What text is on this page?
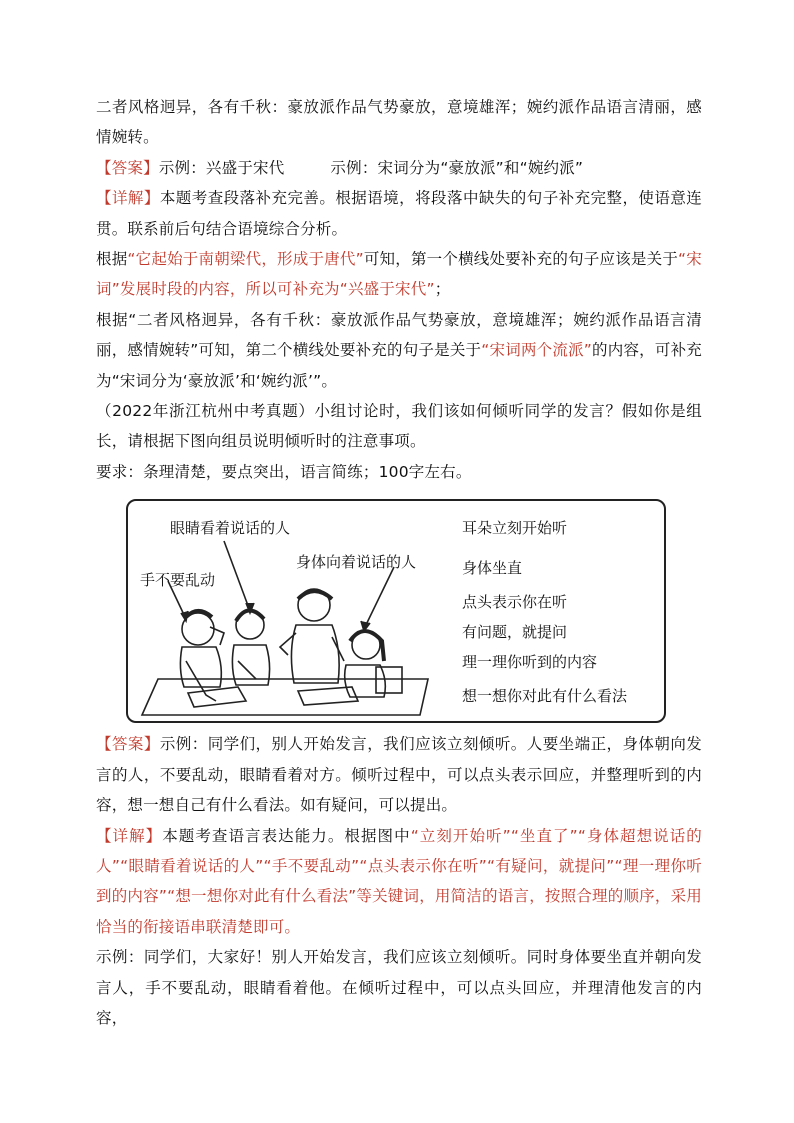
二者风格迥异，各有千秋：豪放派作品气势豪放，意境雄浑；婉约派作品语言清丽，感情婉转。

【答案】示例：兴盛于宋代	示例：宋词分为“豪放派”和“婉约派”

【详解】本题考查段落补充完善。根据语境，将段落中缺失的句子补充完整，使语意连贯。联系前后句结合语境综合分析。

根据“它起始于南朝梁代，形成于唐代”可知，第一个横线处要补充的句子应该是关于“宋词”发展时段的内容，所以可补充为“兴盛于宋代”；

根据“二者风格迥异，各有千秋：豪放派作品气势豪放，意境雄浑；婉约派作品语言清丽，感情婉转”可知，第二个横线处要补充的句子是关于“宋词两个流派”的内容，可补充为“宋词分为‘豪放派’和‘婉约派’”。

（2022年浙江杭州中考真题）小组讨论时，我们该如何倾听同学的发言？假如你是组长，请根据下图向组员说明倾听时的注意事项。

要求：条理清楚，要点突出，语言简练；100字左右。

眼睛看着说话的人
身体向着说话的人
手不要乱动
耳朵立刻开始听
身体坐直
点头表示你在听
有问题，就提问
理一理你听到的内容
想一想你对此有什么看法

【答案】示例：同学们，别人开始发言，我们应该立刻倾听。人要坐端正，身体朝向发言的人，不要乱动，眼睛看着对方。倾听过程中，可以点头表示回应，并整理听到的内容，想一想自己有什么看法。如有疑问，可以提出。

【详解】本题考查语言表达能力。根据图中“立刻开始听”“坐直了”“身体超想说话的人”“眼睛看着说话的人”“手不要乱动”“点头表示你在听”“有疑问，就提问”“理一理你听到的内容”“想一想你对此有什么看法”等关键词，用简洁的语言，按照合理的顺序，采用恰当的衔接语串联清楚即可。

示例：同学们，大家好！别人开始发言，我们应该立刻倾听。同时身体要坐直并朝向发言人，手不要乱动，眼睛看着他。在倾听过程中，可以点头回应，并理清他发言的内容，
